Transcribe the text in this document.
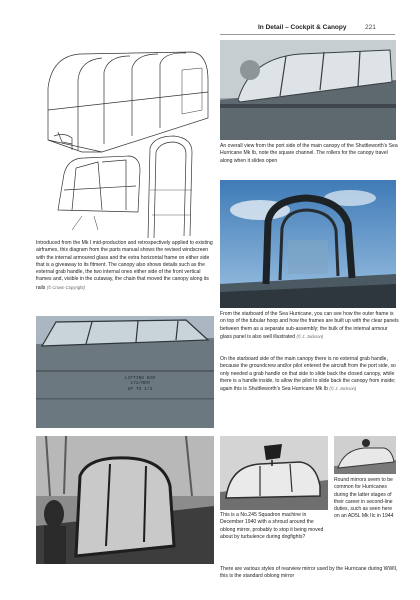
In Detail – Cockpit & Canopy	221
An overall view from the port side of the main canopy of the Shuttleworth's Sea Hurricane Mk Ib, note the square channel. The rollers for the canopy travel along when it slides open
From the starboard of the Sea Hurricane, you can see how the outer frame is on top of the tubular hoop and how the frames are built up with the clear panels between them as a separate sub-assembly; the bulk of the internal armour glass panel is also well illustrated (© J. Jackson)
Introduced from the Mk I mid-production and retrospectively applied to existing airframes, this diagram from the parts manual shows the revised windscreen with the internal armoured glass and the extra horizontal frame on either side that is a giveaway to its fitment. The canopy also shows details such as the external grab handle, the two internal ones either side of the front vertical frames and, visible in the cutaway, the chain that moved the canopy along its rails (© Crown Copyright)
LIFTING BAR
172/REM
UP TO 1/2
On the starboard side of the main canopy there is no external grab handle, because the groundcrew and/or pilot entered the aircraft from the port side, so only needed a grab handle on that side to slide back the closed canopy, while there is a handle inside, to allow the pilot to slide back the canopy from inside; again this is Shuttleworth's Sea Hurricane Mk Ib (© J. Jackson)
Round mirrors seem to be common for Hurricanes during the latter stages of their career in second-line duties, such as seen here on an AD5L Mk IIc in 1944
This is a No.245 Squadron machine in December 1940 with a shroud around the oblong mirror, probably to stop it being moved about by turbulence during dogfights?
There are various styles of rearview mirror used by the Hurricane during WWII, this is the standard oblong mirror
